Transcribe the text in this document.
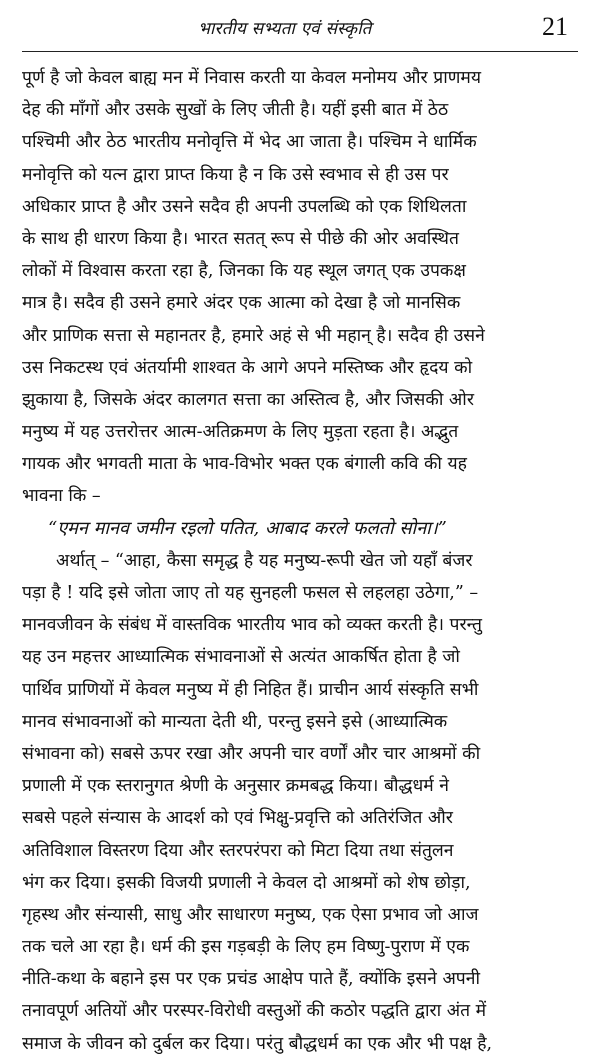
भारतीय सभ्यता एवं संस्कृति	21
पूर्ण है जो केवल बाह्य मन में निवास करती या केवल मनोमय और प्राणमय
देह की माँगों और उसके सुखों के लिए जीती है। यहीं इसी बात में ठेठ
पश्चिमी और ठेठ भारतीय मनोवृत्ति में भेद आ जाता है। पश्चिम ने धार्मिक
मनोवृत्ति को यत्न द्वारा प्राप्त किया है न कि उसे स्वभाव से ही उस पर
अधिकार प्राप्त है और उसने सदैव ही अपनी उपलब्धि को एक शिथिलता
के साथ ही धारण किया है। भारत सतत् रूप से पीछे की ओर अवस्थित
लोकों में विश्वास करता रहा है, जिनका कि यह स्थूल जगत् एक उपकक्ष
मात्र है। सदैव ही उसने हमारे अंदर एक आत्मा को देखा है जो मानसिक
और प्राणिक सत्ता से महानतर है, हमारे अहं से भी महान् है। सदैव ही उसने
उस निकटस्थ एवं अंतर्यामी शाश्वत के आगे अपने मस्तिष्क और हृदय को
झुकाया है, जिसके अंदर कालगत सत्ता का अस्तित्व है, और जिसकी ओर
मनुष्य में यह उत्तरोत्तर आत्म-अतिक्रमण के लिए मुड़ता रहता है। अद्भुत
गायक और भगवती माता के भाव-विभोर भक्त एक बंगाली कवि की यह
भावना कि –
“एमन मानव जमीन रइलो पतित, आबाद करले फलतो सोना।”
अर्थात् – “आहा, कैसा समृद्ध है यह मनुष्य-रूपी खेत जो यहाँ बंजर
पड़ा है ! यदि इसे जोता जाए तो यह सुनहली फसल से लहलहा उठेगा,” –
मानवजीवन के संबंध में वास्तविक भारतीय भाव को व्यक्त करती है। परन्तु
यह उन महत्तर आध्यात्मिक संभावनाओं से अत्यंत आकर्षित होता है जो
पार्थिव प्राणियों में केवल मनुष्य में ही निहित हैं। प्राचीन आर्य संस्कृति सभी
मानव संभावनाओं को मान्यता देती थी, परन्तु इसने इसे (आध्यात्मिक
संभावना को) सबसे ऊपर रखा और अपनी चार वर्णों और चार आश्रमों की
प्रणाली में एक स्तरानुगत श्रेणी के अनुसार क्रमबद्ध किया। बौद्धधर्म ने
सबसे पहले संन्यास के आदर्श को एवं भिक्षु-प्रवृत्ति को अतिरंजित और
अतिविशाल विस्तरण दिया और स्तरपरंपरा को मिटा दिया तथा संतुलन
भंग कर दिया। इसकी विजयी प्रणाली ने केवल दो आश्रमों को शेष छोड़ा,
गृहस्थ और संन्यासी, साधु और साधारण मनुष्य, एक ऐसा प्रभाव जो आज
तक चले आ रहा है। धर्म की इस गड़बड़ी के लिए हम विष्णु-पुराण में एक
नीति-कथा के बहाने इस पर एक प्रचंड आक्षेप पाते हैं, क्योंकि इसने अपनी
तनावपूर्ण अतियों और परस्पर-विरोधी वस्तुओं की कठोर पद्धति द्वारा अंत में
समाज के जीवन को दुर्बल कर दिया। परंतु बौद्धधर्म का एक और भी पक्ष है,
